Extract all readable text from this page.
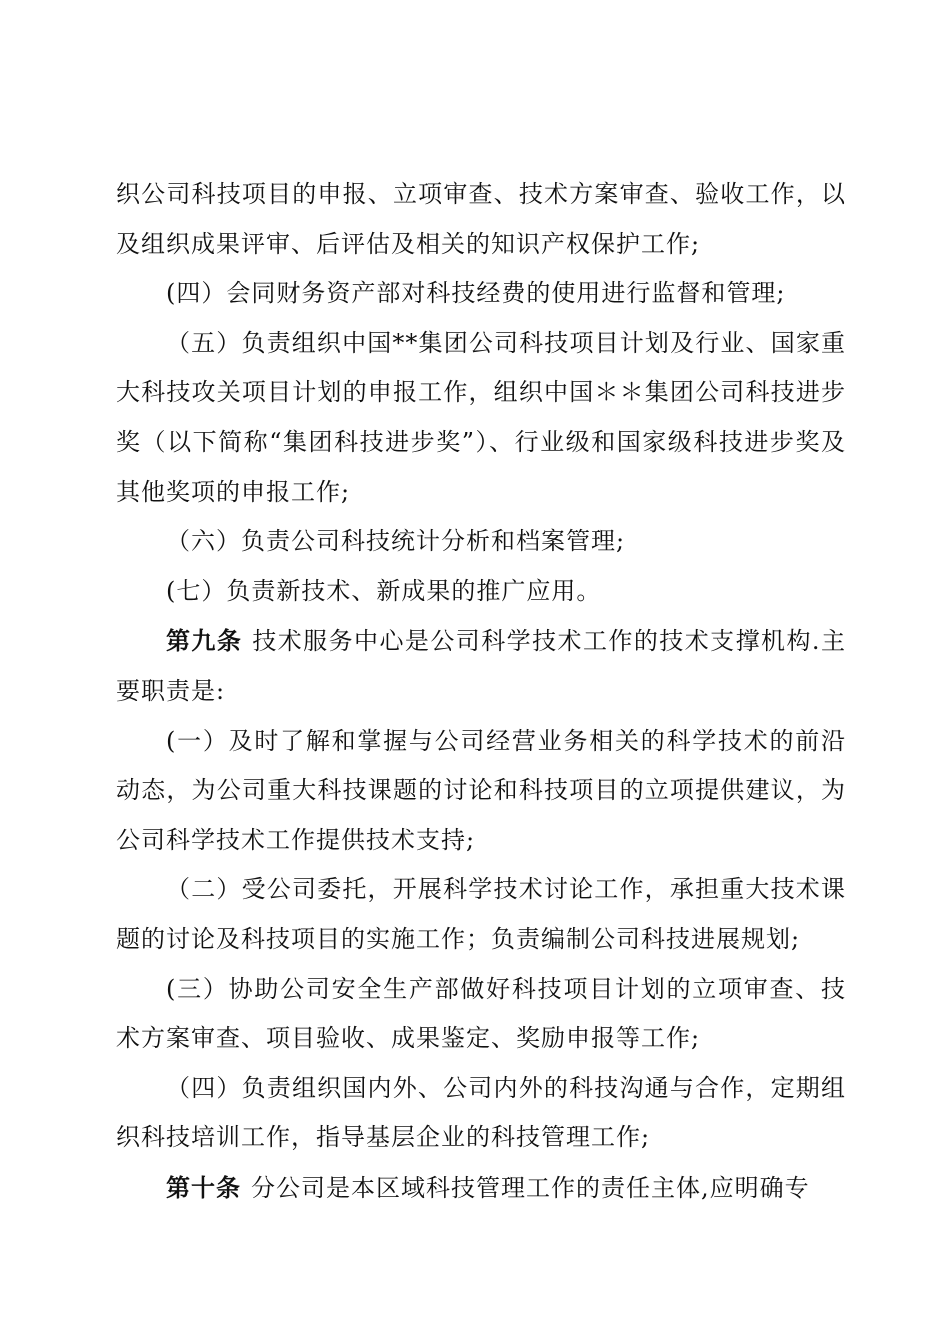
织公司科技项目的申报、立项审查、技术方案审查、验收工作，以及组织成果评审、后评估及相关的知识产权保护工作;

(四）会同财务资产部对科技经费的使用进行监督和管理;

（五）负责组织中国**集团公司科技项目计划及行业、国家重大科技攻关项目计划的申报工作，组织中国＊＊集团公司科技进步奖（以下简称“集团科技进步奖”）、行业级和国家级科技进步奖及其他奖项的申报工作;

（六）负责公司科技统计分析和档案管理;

(七）负责新技术、新成果的推广应用。

第九条 技术服务中心是公司科学技术工作的技术支撑机构.主要职责是:

(一）及时了解和掌握与公司经营业务相关的科学技术的前沿动态，为公司重大科技课题的讨论和科技项目的立项提供建议，为公司科学技术工作提供技术支持;

（二）受公司委托，开展科学技术讨论工作，承担重大技术课题的讨论及科技项目的实施工作；负责编制公司科技进展规划;

(三）协助公司安全生产部做好科技项目计划的立项审查、技术方案审查、项目验收、成果鉴定、奖励申报等工作;

（四）负责组织国内外、公司内外的科技沟通与合作，定期组织科技培训工作，指导基层企业的科技管理工作;

第十条 分公司是本区域科技管理工作的责任主体,应明确专
